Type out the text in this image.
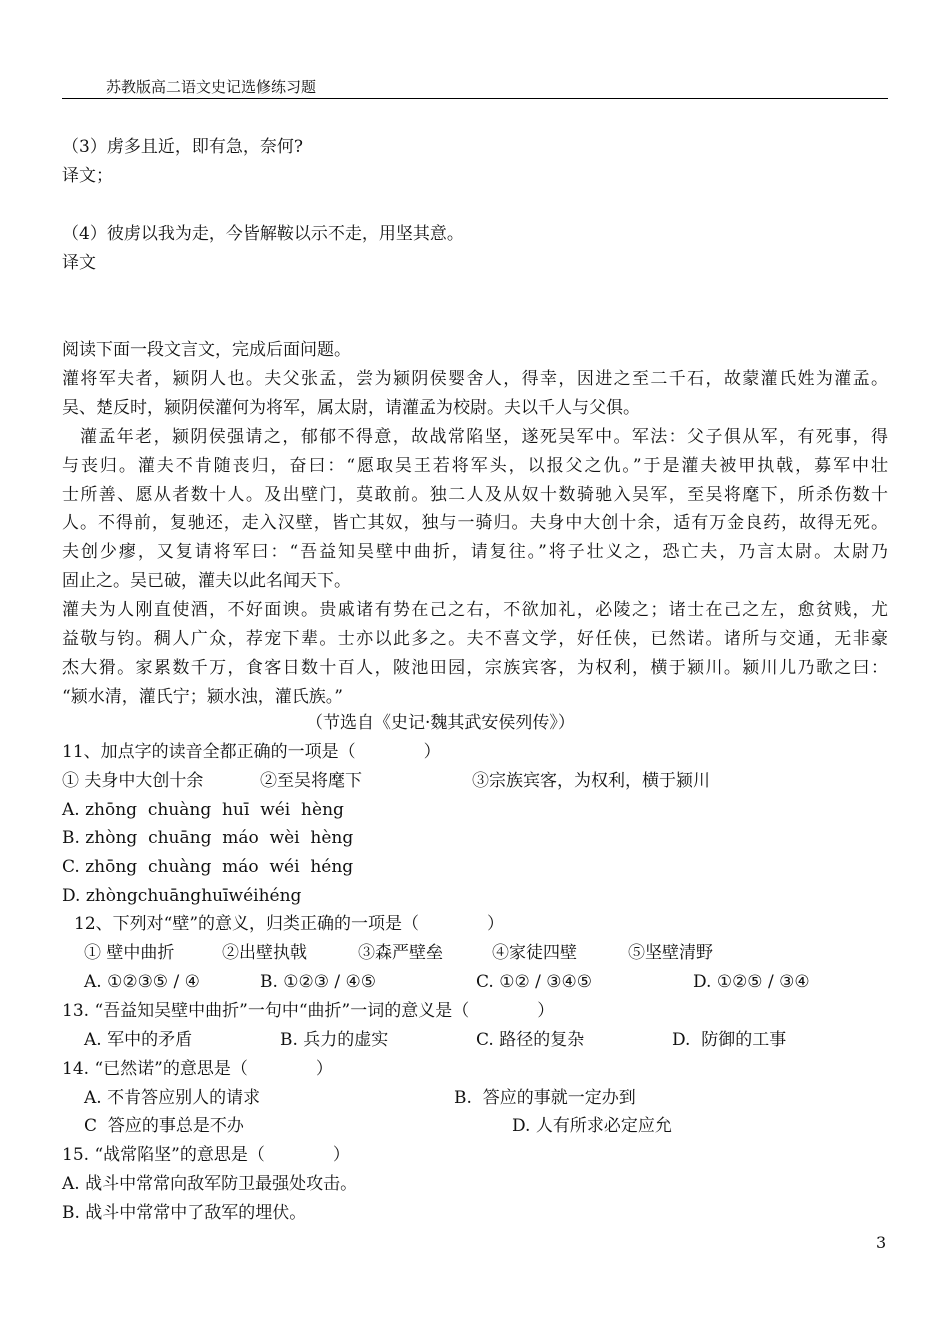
苏教版高二语文史记选修练习题
（3）虏多且近，即有急，奈何?
译文；
（4）彼虏以我为走，今皆解鞍以示不走，用坚其意。
译文
阅读下面一段文言文，完成后面问题。
灌将军夫者，颍阴人也。夫父张孟，尝为颍阴侯婴舍人，得幸，因进之至二千石，故蒙灌氏姓为灌孟。
吴、楚反时，颍阴侯灌何为将军，属太尉，请灌孟为校尉。夫以千人与父俱。
灌孟年老，颍阴侯强请之，郁郁不得意，故战常陷坚，遂死吴军中。军法：父子俱从军，有死事，得
与丧归。灌夫不肯随丧归，奋曰：“愿取吴王若将军头，以报父之仇。”于是灌夫被甲执戟，募军中壮
士所善、愿从者数十人。及出壁门，莫敢前。独二人及从奴十数骑驰入吴军，至吴将麾下，所杀伤数十
人。不得前，复驰还，走入汉壁，皆亡其奴，独与一骑归。夫身中大创十余，适有万金良药，故得无死。
夫创少瘳，又复请将军曰：“吾益知吴壁中曲折，请复往。”将子壮义之，恐亡夫，乃言太尉。太尉乃
固止之。吴已破，灌夫以此名闻天下。
灌夫为人刚直使酒，不好面谀。贵戚诸有势在己之右，不欲加礼，必陵之；诸士在己之左，愈贫贱，尤
益敬与钧。稠人广众，荐宠下辈。士亦以此多之。夫不喜文学，好任侠，已然诺。诸所与交通，无非豪
杰大猾。家累数千万，食客日数十百人，陂池田园，宗族宾客，为权利，横于颍川。颍川儿乃歌之曰：
“颍水清，灌氏宁；颍水浊，灌氏族。”
（节选自《史记·魏其武安侯列传》）
11、加点字的读音全都正确的一项是（　　　　）
① 夫身中大创十余	②至吴将麾下	③宗族宾客，为权利，横于颍川
A. zhōng  chuàng  huī  wéi  hèng
B. zhòng  chuāng  máo  wèi  hèng
C. zhōng  chuàng  máo  wéi  héng
D. zhòngchuānghuīwéihéng
12、下列对“壁”的意义，归类正确的一项是（　　　　）
① 壁中曲折	②出壁执戟	③森严壁垒	④家徒四壁	⑤坚壁清野
A. ①②③⑤ / ④	B. ①②③ / ④⑤	C. ①② / ③④⑤	D. ①②⑤ / ③④
13. “吾益知吴壁中曲折”一句中“曲折”一词的意义是（　　　　）
A. 军中的矛盾	B. 兵力的虚实	C. 路径的复杂	D.  防御的工事
14. “已然诺”的意思是（　　　　）
A. 不肯答应别人的请求	B.  答应的事就一定办到
C  答应的事总是不办	D. 人有所求必定应允
15. “战常陷坚”的意思是（　　　　）
A. 战斗中常常向敌军防卫最强处攻击。
B. 战斗中常常中了敌军的埋伏。
3
